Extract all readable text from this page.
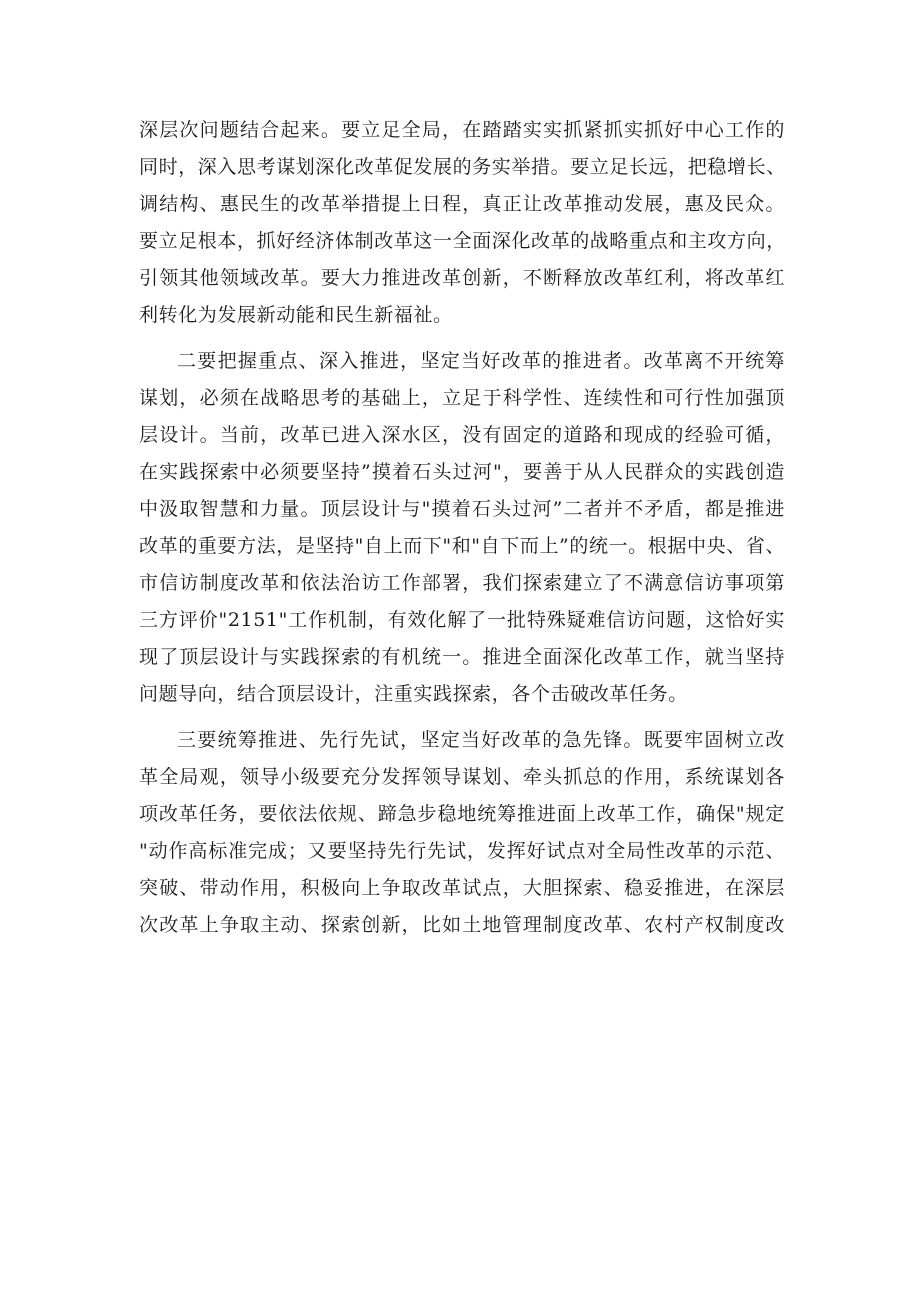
深层次问题结合起来。要立足全局，在踏踏实实抓紧抓实抓好中心工作的
同时，深入思考谋划深化改革促发展的务实举措。要立足长远，把稳增长、
调结构、惠民生的改革举措提上日程，真正让改革推动发展，惠及民众。
要立足根本，抓好经济体制改革这一全面深化改革的战略重点和主攻方向，
引领其他领域改革。要大力推进改革创新，不断释放改革红利，将改革红
利转化为发展新动能和民生新福祉。
二要把握重点、深入推进，坚定当好改革的推进者。改革离不开统筹
谋划，必须在战略思考的基础上，立足于科学性、连续性和可行性加强顶
层设计。当前，改革已进入深水区，没有固定的道路和现成的经验可循，
在实践探索中必须要坚持”摸着石头过河"，要善于从人民群众的实践创造
中汲取智慧和力量。顶层设计与"摸着石头过河”二者并不矛盾，都是推进
改革的重要方法，是坚持"自上而下"和"自下而上”的统一。根据中央、省、
市信访制度改革和依法治访工作部署，我们探索建立了不满意信访事项第
三方评价"2151"工作机制，有效化解了一批特殊疑难信访问题，这恰好实
现了顶层设计与实践探索的有机统一。推进全面深化改革工作，就当坚持
问题导向，结合顶层设计，注重实践探索，各个击破改革任务。
三要统筹推进、先行先试，坚定当好改革的急先锋。既要牢固树立改
革全局观，领导小级要充分发挥领导谋划、牵头抓总的作用，系统谋划各
项改革任务，要依法依规、蹄急步稳地统筹推进面上改革工作，确保"规定
"动作高标准完成；又要坚持先行先试，发挥好试点对全局性改革的示范、
突破、带动作用，积极向上争取改革试点，大胆探索、稳妥推进，在深层
次改革上争取主动、探索创新，比如土地管理制度改革、农村产权制度改
